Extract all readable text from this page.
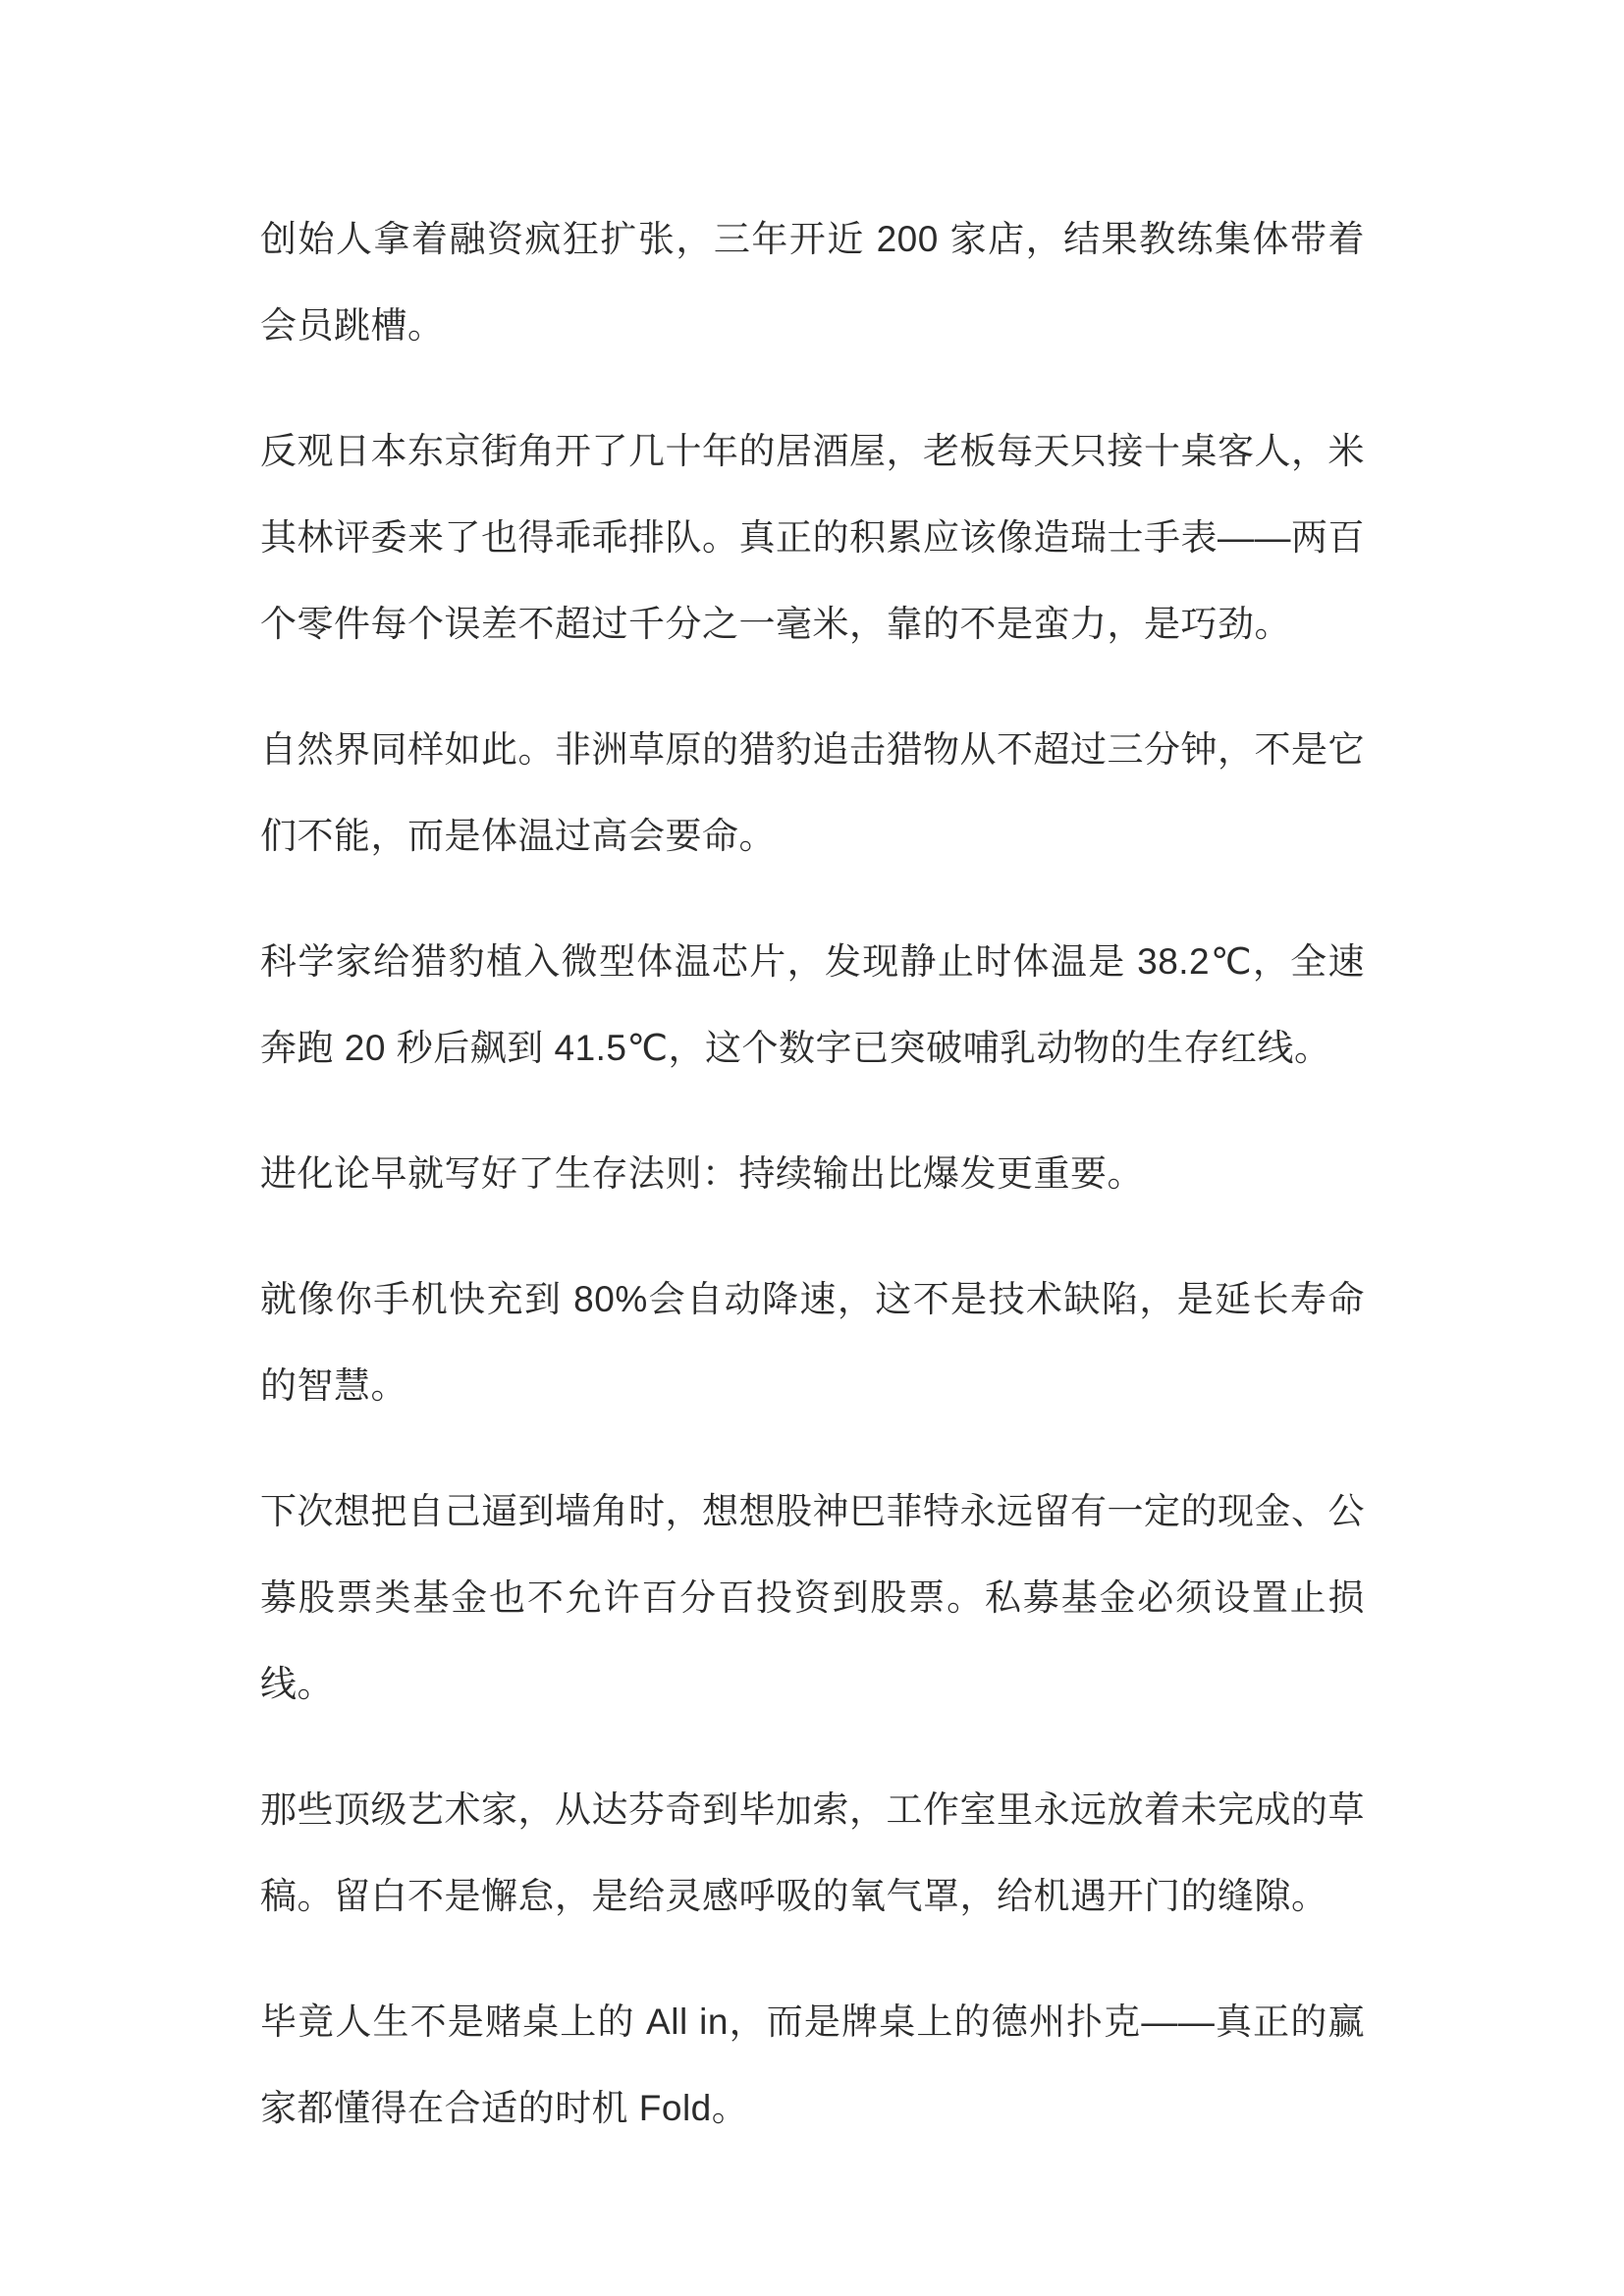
创始人拿着融资疯狂扩张，三年开近 200 家店，结果教练集体带着会员跳槽。

反观日本东京街角开了几十年的居酒屋，老板每天只接十桌客人，米其林评委来了也得乖乖排队。真正的积累应该像造瑞士手表——两百个零件每个误差不超过千分之一毫米，靠的不是蛮力，是巧劲。

自然界同样如此。非洲草原的猎豹追击猎物从不超过三分钟，不是它们不能，而是体温过高会要命。

科学家给猎豹植入微型体温芯片，发现静止时体温是 38.2℃，全速奔跑 20 秒后飙到 41.5℃，这个数字已突破哺乳动物的生存红线。

进化论早就写好了生存法则：持续输出比爆发更重要。

就像你手机快充到 80%会自动降速，这不是技术缺陷，是延长寿命的智慧。

下次想把自己逼到墙角时，想想股神巴菲特永远留有一定的现金、公募股票类基金也不允许百分百投资到股票。私募基金必须设置止损线。

那些顶级艺术家，从达芬奇到毕加索，工作室里永远放着未完成的草稿。留白不是懈怠，是给灵感呼吸的氧气罩，给机遇开门的缝隙。

毕竟人生不是赌桌上的 All in，而是牌桌上的德州扑克——真正的赢家都懂得在合适的时机 Fold。
